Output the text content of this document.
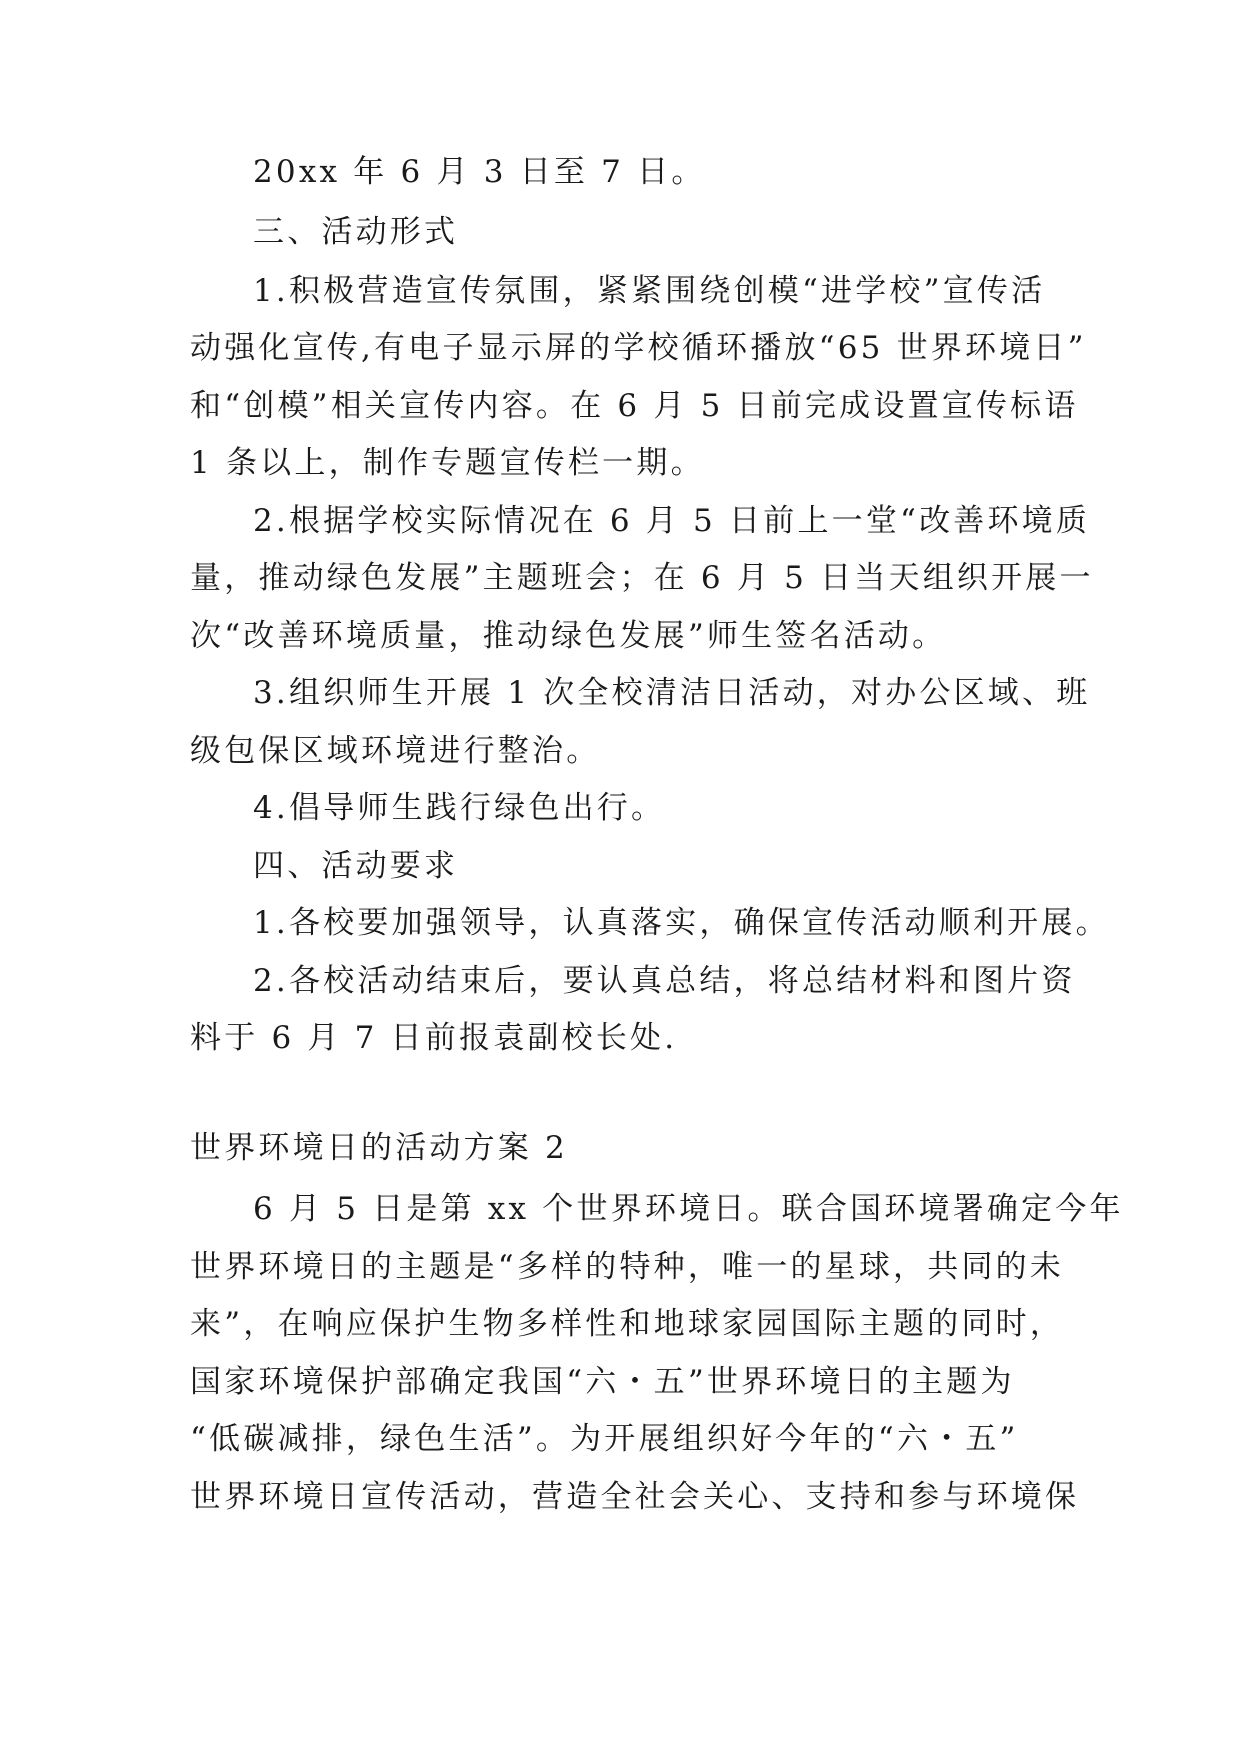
20xx 年 6 月 3 日至 7 日。
三、活动形式
1.积极营造宣传氛围，紧紧围绕创模“进学校”宣传活
动强化宣传,有电子显示屏的学校循环播放“65 世界环境日”
和“创模”相关宣传内容。在 6 月 5 日前完成设置宣传标语
1 条以上，制作专题宣传栏一期。
2.根据学校实际情况在 6 月 5 日前上一堂“改善环境质
量，推动绿色发展”主题班会；在 6 月 5 日当天组织开展一
次“改善环境质量，推动绿色发展”师生签名活动。
3.组织师生开展 1 次全校清洁日活动，对办公区域、班
级包保区域环境进行整治。
4.倡导师生践行绿色出行。
四、活动要求
1.各校要加强领导，认真落实，确保宣传活动顺利开展。
2.各校活动结束后，要认真总结，将总结材料和图片资
料于 6 月 7 日前报袁副校长处.
世界环境日的活动方案 2
6 月 5 日是第 xx 个世界环境日。联合国环境署确定今年
世界环境日的主题是“多样的特种，唯一的星球，共同的未
来”，在响应保护生物多样性和地球家园国际主题的同时，
国家环境保护部确定我国“六・五”世界环境日的主题为
“低碳减排，绿色生活”。为开展组织好今年的“六・五”
世界环境日宣传活动，营造全社会关心、支持和参与环境保
